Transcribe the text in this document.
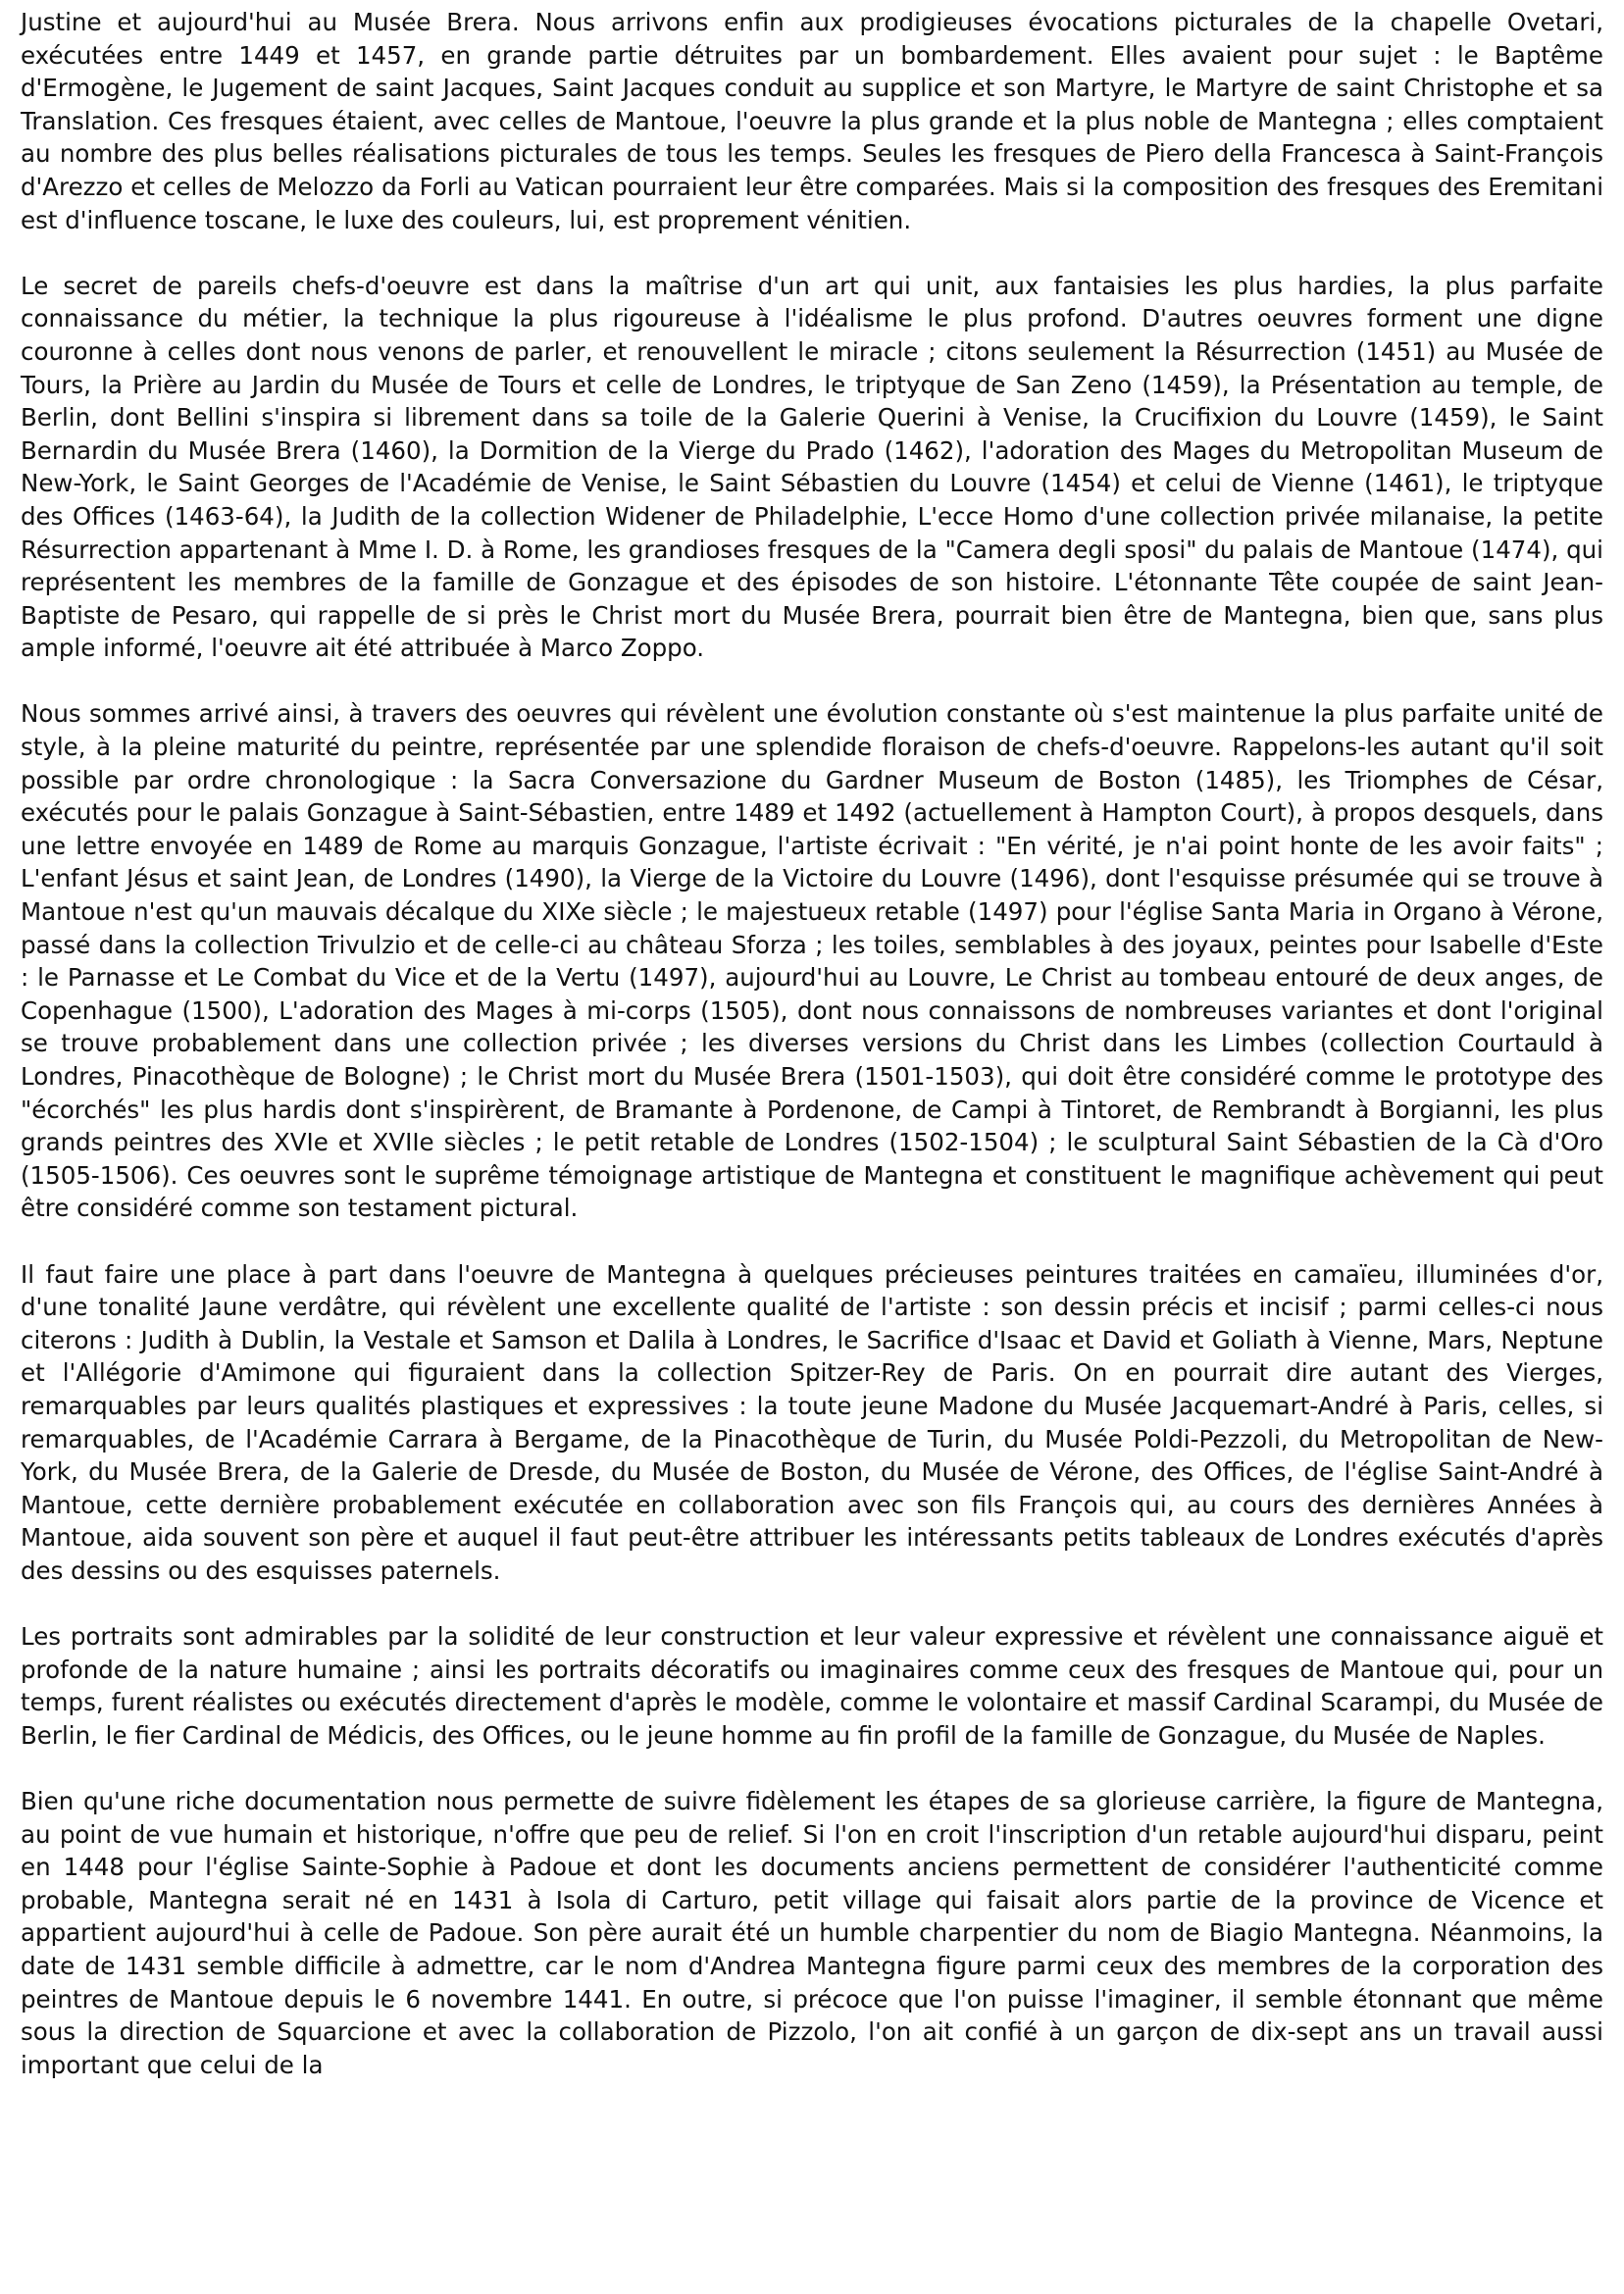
Justine et aujourd'hui au Musée Brera. Nous arrivons enfin aux prodigieuses évocations picturales de la chapelle Ovetari, exécutées entre 1449 et 1457, en grande partie détruites par un bombardement. Elles avaient pour sujet : le Baptême d'Ermogène, le Jugement de saint Jacques, Saint Jacques conduit au supplice et son Martyre, le Martyre de saint Christophe et sa Translation. Ces fresques étaient, avec celles de Mantoue, l'oeuvre la plus grande et la plus noble de Mantegna ; elles comptaient au nombre des plus belles réalisations picturales de tous les temps. Seules les fresques de Piero della Francesca à Saint-François d'Arezzo et celles de Melozzo da Forli au Vatican pourraient leur être comparées. Mais si la composition des fresques des Eremitani est d'influence toscane, le luxe des couleurs, lui, est proprement vénitien.

Le secret de pareils chefs-d'oeuvre est dans la maîtrise d'un art qui unit, aux fantaisies les plus hardies, la plus parfaite connaissance du métier, la technique la plus rigoureuse à l'idéalisme le plus profond. D'autres oeuvres forment une digne couronne à celles dont nous venons de parler, et renouvellent le miracle ; citons seulement la Résurrection (1451) au Musée de Tours, la Prière au Jardin du Musée de Tours et celle de Londres, le triptyque de San Zeno (1459), la Présentation au temple, de Berlin, dont Bellini s'inspira si librement dans sa toile de la Galerie Querini à Venise, la Crucifixion du Louvre (1459), le Saint Bernardin du Musée Brera (1460), la Dormition de la Vierge du Prado (1462), l'adoration des Mages du Metropolitan Museum de New-York, le Saint Georges de l'Académie de Venise, le Saint Sébastien du Louvre (1454) et celui de Vienne (1461), le triptyque des Offices (1463-64), la Judith de la collection Widener de Philadelphie, L'ecce Homo d'une collection privée milanaise, la petite Résurrection appartenant à Mme I. D. à Rome, les grandioses fresques de la "Camera degli sposi" du palais de Mantoue (1474), qui représentent les membres de la famille de Gonzague et des épisodes de son histoire. L'étonnante Tête coupée de saint Jean-Baptiste de Pesaro, qui rappelle de si près le Christ mort du Musée Brera, pourrait bien être de Mantegna, bien que, sans plus ample informé, l'oeuvre ait été attribuée à Marco Zoppo.

Nous sommes arrivé ainsi, à travers des oeuvres qui révèlent une évolution constante où s'est maintenue la plus parfaite unité de style, à la pleine maturité du peintre, représentée par une splendide floraison de chefs-d'oeuvre. Rappelons-les autant qu'il soit possible par ordre chronologique : la Sacra Conversazione du Gardner Museum de Boston (1485), les Triomphes de César, exécutés pour le palais Gonzague à Saint-Sébastien, entre 1489 et 1492 (actuellement à Hampton Court), à propos desquels, dans une lettre envoyée en 1489 de Rome au marquis Gonzague, l'artiste écrivait : "En vérité, je n'ai point honte de les avoir faits" ; L'enfant Jésus et saint Jean, de Londres (1490), la Vierge de la Victoire du Louvre (1496), dont l'esquisse présumée qui se trouve à Mantoue n'est qu'un mauvais décalque du XIXe siècle ; le majestueux retable (1497) pour l'église Santa Maria in Organo à Vérone, passé dans la collection Trivulzio et de celle-ci au château Sforza ; les toiles, semblables à des joyaux, peintes pour Isabelle d'Este : le Parnasse et Le Combat du Vice et de la Vertu (1497), aujourd'hui au Louvre, Le Christ au tombeau entouré de deux anges, de Copenhague (1500), L'adoration des Mages à mi-corps (1505), dont nous connaissons de nombreuses variantes et dont l'original se trouve probablement dans une collection privée ; les diverses versions du Christ dans les Limbes (collection Courtauld à Londres, Pinacothèque de Bologne) ; le Christ mort du Musée Brera (1501-1503), qui doit être considéré comme le prototype des "écorchés" les plus hardis dont s'inspirèrent, de Bramante à Pordenone, de Campi à Tintoret, de Rembrandt à Borgianni, les plus grands peintres des XVIe et XVIIe siècles ; le petit retable de Londres (1502-1504) ; le sculptural Saint Sébastien de la Cà d'Oro (1505-1506). Ces oeuvres sont le suprême témoignage artistique de Mantegna et constituent le magnifique achèvement qui peut être considéré comme son testament pictural.

Il faut faire une place à part dans l'oeuvre de Mantegna à quelques précieuses peintures traitées en camaïeu, illuminées d'or, d'une tonalité Jaune verdâtre, qui révèlent une excellente qualité de l'artiste : son dessin précis et incisif ; parmi celles-ci nous citerons : Judith à Dublin, la Vestale et Samson et Dalila à Londres, le Sacrifice d'Isaac et David et Goliath à Vienne, Mars, Neptune et l'Allégorie d'Amimone qui figuraient dans la collection Spitzer-Rey de Paris. On en pourrait dire autant des Vierges, remarquables par leurs qualités plastiques et expressives : la toute jeune Madone du Musée Jacquemart-André à Paris, celles, si remarquables, de l'Académie Carrara à Bergame, de la Pinacothèque de Turin, du Musée Poldi-Pezzoli, du Metropolitan de New-York, du Musée Brera, de la Galerie de Dresde, du Musée de Boston, du Musée de Vérone, des Offices, de l'église Saint-André à Mantoue, cette dernière probablement exécutée en collaboration avec son fils François qui, au cours des dernières Années à Mantoue, aida souvent son père et auquel il faut peut-être attribuer les intéressants petits tableaux de Londres exécutés d'après des dessins ou des esquisses paternels.

Les portraits sont admirables par la solidité de leur construction et leur valeur expressive et révèlent une connaissance aiguë et profonde de la nature humaine ; ainsi les portraits décoratifs ou imaginaires comme ceux des fresques de Mantoue qui, pour un temps, furent réalistes ou exécutés directement d'après le modèle, comme le volontaire et massif Cardinal Scarampi, du Musée de Berlin, le fier Cardinal de Médicis, des Offices, ou le jeune homme au fin profil de la famille de Gonzague, du Musée de Naples.

Bien qu'une riche documentation nous permette de suivre fidèlement les étapes de sa glorieuse carrière, la figure de Mantegna, au point de vue humain et historique, n'offre que peu de relief. Si l'on en croit l'inscription d'un retable aujourd'hui disparu, peint en 1448 pour l'église Sainte-Sophie à Padoue et dont les documents anciens permettent de considérer l'authenticité comme probable, Mantegna serait né en 1431 à Isola di Carturo, petit village qui faisait alors partie de la province de Vicence et appartient aujourd'hui à celle de Padoue. Son père aurait été un humble charpentier du nom de Biagio Mantegna. Néanmoins, la date de 1431 semble difficile à admettre, car le nom d'Andrea Mantegna figure parmi ceux des membres de la corporation des peintres de Mantoue depuis le 6 novembre 1441. En outre, si précoce que l'on puisse l'imaginer, il semble étonnant que même sous la direction de Squarcione et avec la collaboration de Pizzolo, l'on ait confié à un garçon de dix-sept ans un travail aussi important que celui de la
